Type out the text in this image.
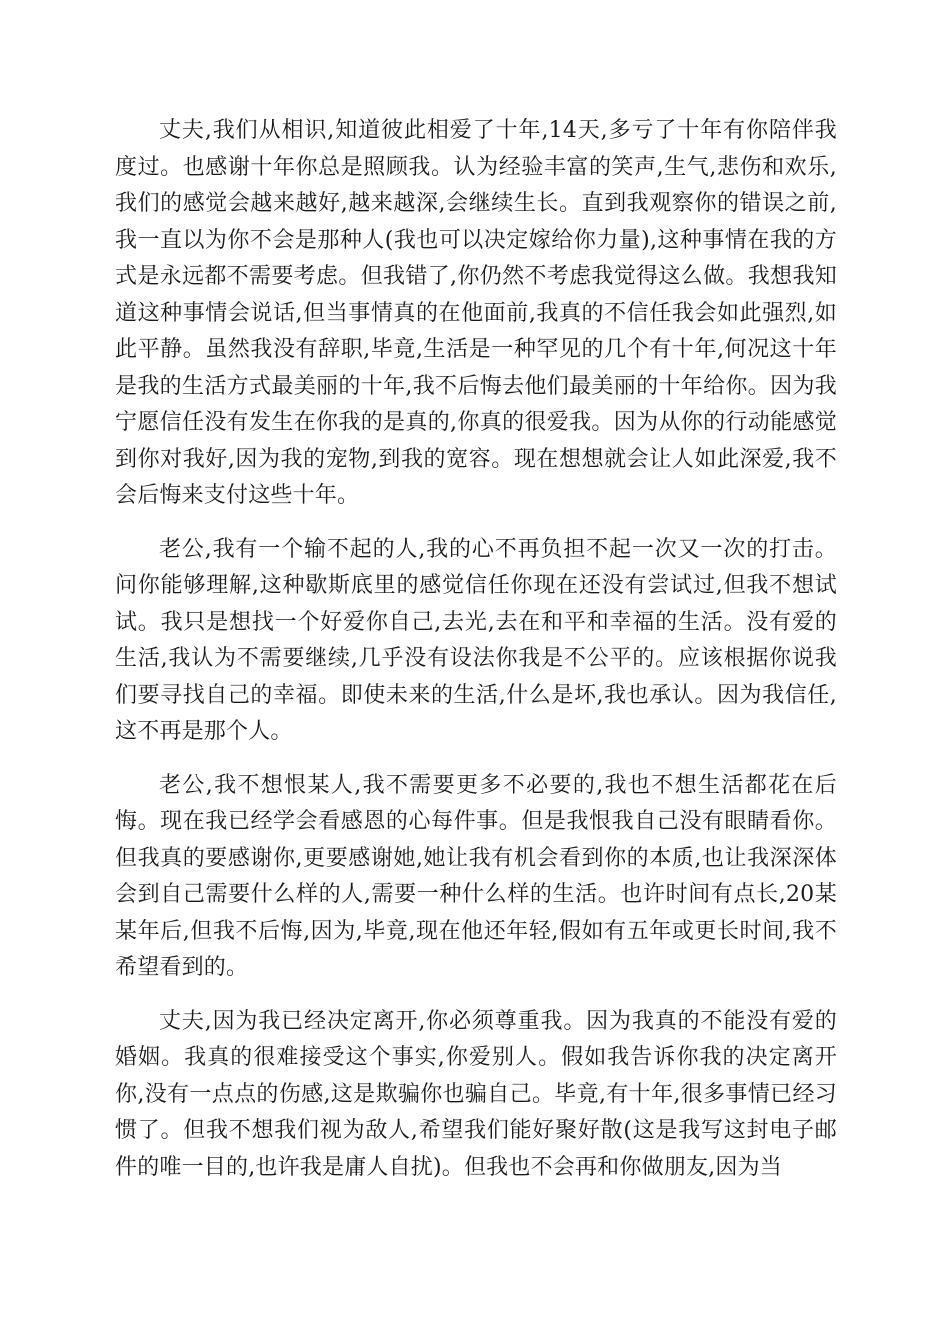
丈夫,我们从相识,知道彼此相爱了十年,14天,多亏了十年有你陪伴我度过。也感谢十年你总是照顾我。认为经验丰富的笑声,生气,悲伤和欢乐,我们的感觉会越来越好,越来越深,会继续生长。直到我观察你的错误之前,我一直以为你不会是那种人(我也可以决定嫁给你力量),这种事情在我的方式是永远都不需要考虑。但我错了,你仍然不考虑我觉得这么做。我想我知道这种事情会说话,但当事情真的在他面前,我真的不信任我会如此强烈,如此平静。虽然我没有辞职,毕竟,生活是一种罕见的几个有十年,何况这十年是我的生活方式最美丽的十年,我不后悔去他们最美丽的十年给你。因为我宁愿信任没有发生在你我的是真的,你真的很爱我。因为从你的行动能感觉到你对我好,因为我的宠物,到我的宽容。现在想想就会让人如此深爱,我不会后悔来支付这些十年。

老公,我有一个输不起的人,我的心不再负担不起一次又一次的打击。问你能够理解,这种歇斯底里的感觉信任你现在还没有尝试过,但我不想试试。我只是想找一个好爱你自己,去光,去在和平和幸福的生活。没有爱的生活,我认为不需要继续,几乎没有设法你我是不公平的。应该根据你说我们要寻找自己的幸福。即使未来的生活,什么是坏,我也承认。因为我信任,这不再是那个人。

老公,我不想恨某人,我不需要更多不必要的,我也不想生活都花在后悔。现在我已经学会看感恩的心每件事。但是我恨我自己没有眼睛看你。但我真的要感谢你,更要感谢她,她让我有机会看到你的本质,也让我深深体会到自己需要什么样的人,需要一种什么样的生活。也许时间有点长,20某某年后,但我不后悔,因为,毕竟,现在他还年轻,假如有五年或更长时间,我不希望看到的。

丈夫,因为我已经决定离开,你必须尊重我。因为我真的不能没有爱的婚姻。我真的很难接受这个事实,你爱别人。假如我告诉你我的决定离开你,没有一点点的伤感,这是欺骗你也骗自己。毕竟,有十年,很多事情已经习惯了。但我不想我们视为敌人,希望我们能好聚好散(这是我写这封电子邮件的唯一目的,也许我是庸人自扰)。但我也不会再和你做朋友,因为当
